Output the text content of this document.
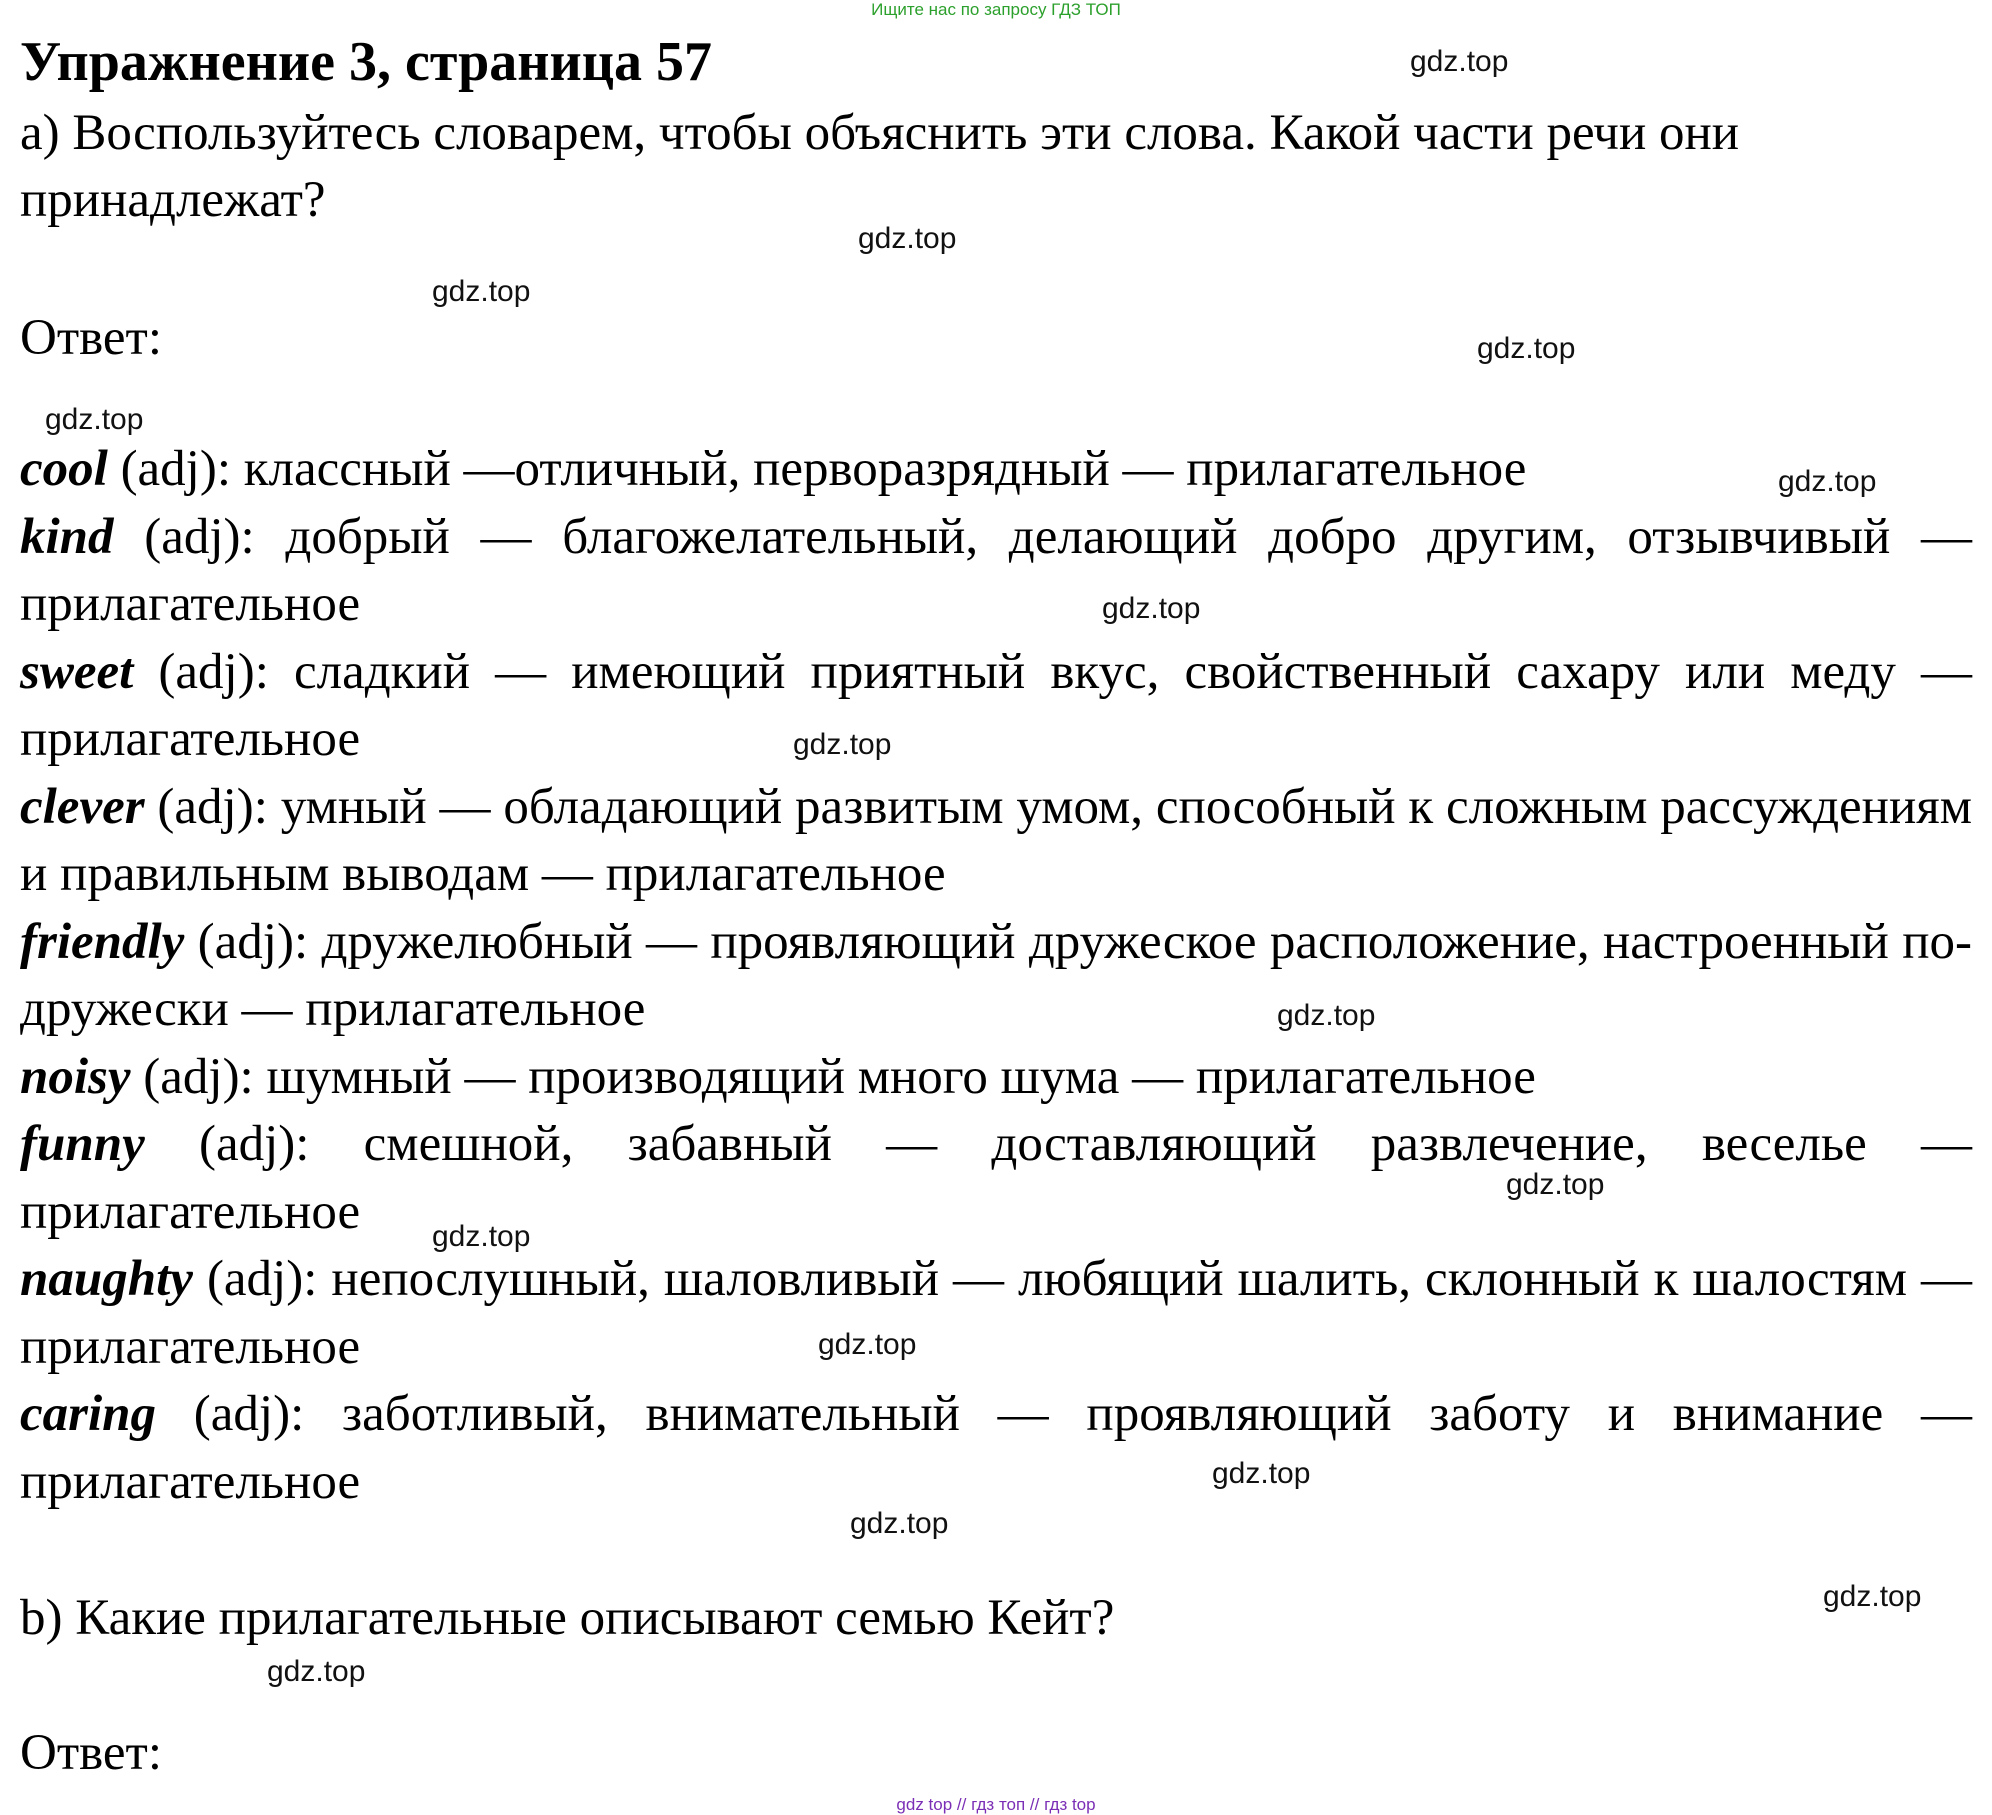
Ищите нас по запросу ГДЗ ТОП
Упражнение 3, страница 57
a) Воспользуйтесь словарем, чтобы объяснить эти слова. Какой части речи они принадлежат?
Ответ:

cool (adj): классный —отличный, перворазрядный — прилагательное

kind (adj): добрый — благожелательный, делающий добро другим, отзывчивый — прилагательное

sweet (adj): сладкий — имеющий приятный вкус, свойственный сахару или меду — прилагательное

clever (adj): умный — обладающий развитым умом, способный к сложным рассуждениям и правильным выводам — прилагательное

friendly (adj): дружелюбный — проявляющий дружеское расположение, настроенный по-дружески — прилагательное

noisy (adj): шумный — производящий много шума — прилагательное

funny (adj): смешной, забавный — доставляющий развлечение, веселье — прилагательное

naughty (adj): непослушный, шаловливый — любящий шалить, склонный к шалостям — прилагательное

caring (adj): заботливый, внимательный — проявляющий заботу и внимание — прилагательное

b) Какие прилагательные описывают семью Кейт?
Ответ:
gdz.top
gdz.top
gdz.top
gdz.top
gdz.top
gdz.top
gdz.top
gdz.top
gdz.top
gdz.top
gdz.top
gdz.top
gdz.top
gdz.top
gdz.top
gdz.top
gdz top // гдз топ // гдз top
